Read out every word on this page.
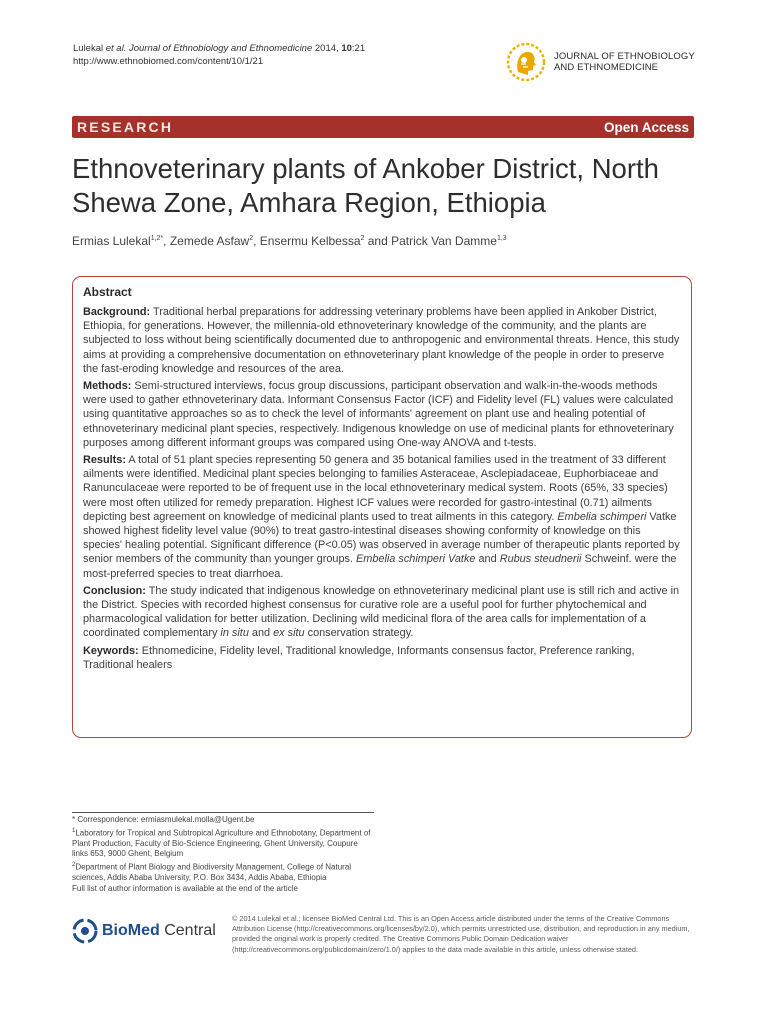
Lulekal et al. Journal of Ethnobiology and Ethnomedicine 2014, 10:21
http://www.ethnobiomed.com/content/10/1/21	JOURNAL OF ETHNOBIOLOGY
AND ETHNOMEDICINE
RESEARCH	Open Access
Ethnoveterinary plants of Ankober District, North
Shewa Zone, Amhara Region, Ethiopia
Ermias Lulekal$^{1,2*}$, Zemede Asfaw$^2$, Ensermu Kelbessa$^2$ and Patrick Van Damme$^{1,3}$

Abstract

Background: Traditional herbal preparations for addressing veterinary problems have been applied in Ankober District, Ethiopia, for generations. However, the millennia-old ethnoveterinary knowledge of the community, and the plants are subjected to loss without being scientifically documented due to anthropogenic and environmental threats. Hence, this study aims at providing a comprehensive documentation on ethnoveterinary plant knowledge of the people in order to preserve the fast-eroding knowledge and resources of the area.

Methods: Semi-structured interviews, focus group discussions, participant observation and walk-in-the-woods methods were used to gather ethnoveterinary data. Informant Consensus Factor (ICF) and Fidelity level (FL) values were calculated using quantitative approaches so as to check the level of informants' agreement on plant use and healing potential of ethnoveterinary medicinal plant species, respectively. Indigenous knowledge on use of medicinal plants for ethnoveterinary purposes among different informant groups was compared using One-way ANOVA and t-tests.

Results: A total of 51 plant species representing 50 genera and 35 botanical families used in the treatment of 33 different ailments were identified. Medicinal plant species belonging to families Asteraceae, Asclepiadaceae, Euphorbiaceae and Ranunculaceae were reported to be of frequent use in the local ethnoveterinary medical system. Roots (65%, 33 species) were most often utilized for remedy preparation. Highest ICF values were recorded for gastro-intestinal (0.71) ailments depicting best agreement on knowledge of medicinal plants used to treat ailments in this category. Embelia schimperi Vatke showed highest fidelity level value (90%) to treat gastro-intestinal diseases showing conformity of knowledge on this species' healing potential. Significant difference (P<0.05) was observed in average number of therapeutic plants reported by senior members of the community than younger groups. Embelia schimperi Vatke and Rubus steudnerii Schweinf. were the most-preferred species to treat diarrhoea.

Conclusion: The study indicated that indigenous knowledge on ethnoveterinary medicinal plant use is still rich and active in the District. Species with recorded highest consensus for curative role are a useful pool for further phytochemical and pharmacological validation for better utilization. Declining wild medicinal flora of the area calls for implementation of a coordinated complementary in situ and ex situ conservation strategy.

Keywords: Ethnomedicine, Fidelity level, Traditional knowledge, Informants consensus factor, Preference ranking, Traditional healers

* Correspondence: ermiasmulekal.molla@Ugent.be

$^1$Laboratory for Tropical and Subtropical Agriculture and Ethnobotany, Department of Plant Production, Faculty of Bio-Science Engineering, Ghent University, Coupure links 653, 9000 Ghent, Belgium

$^2$Department of Plant Biology and Biodiversity Management, College of Natural sciences, Addis Ababa University, P.O. Box 3434, Addis Ababa, Ethiopia

Full list of author information is available at the end of the article

BioMed Central
© 2014 Lulekal et al.; licensee BioMed Central Ltd. This is an Open Access article distributed under the terms of the Creative Commons Attribution License (http://creativecommons.org/licenses/by/2.0), which permits unrestricted use, distribution, and reproduction in any medium, provided the original work is properly credited. The Creative Commons Public Domain Dedication waiver (http://creativecommons.org/publicdomain/zero/1.0/) applies to the data made available in this article, unless otherwise stated.
